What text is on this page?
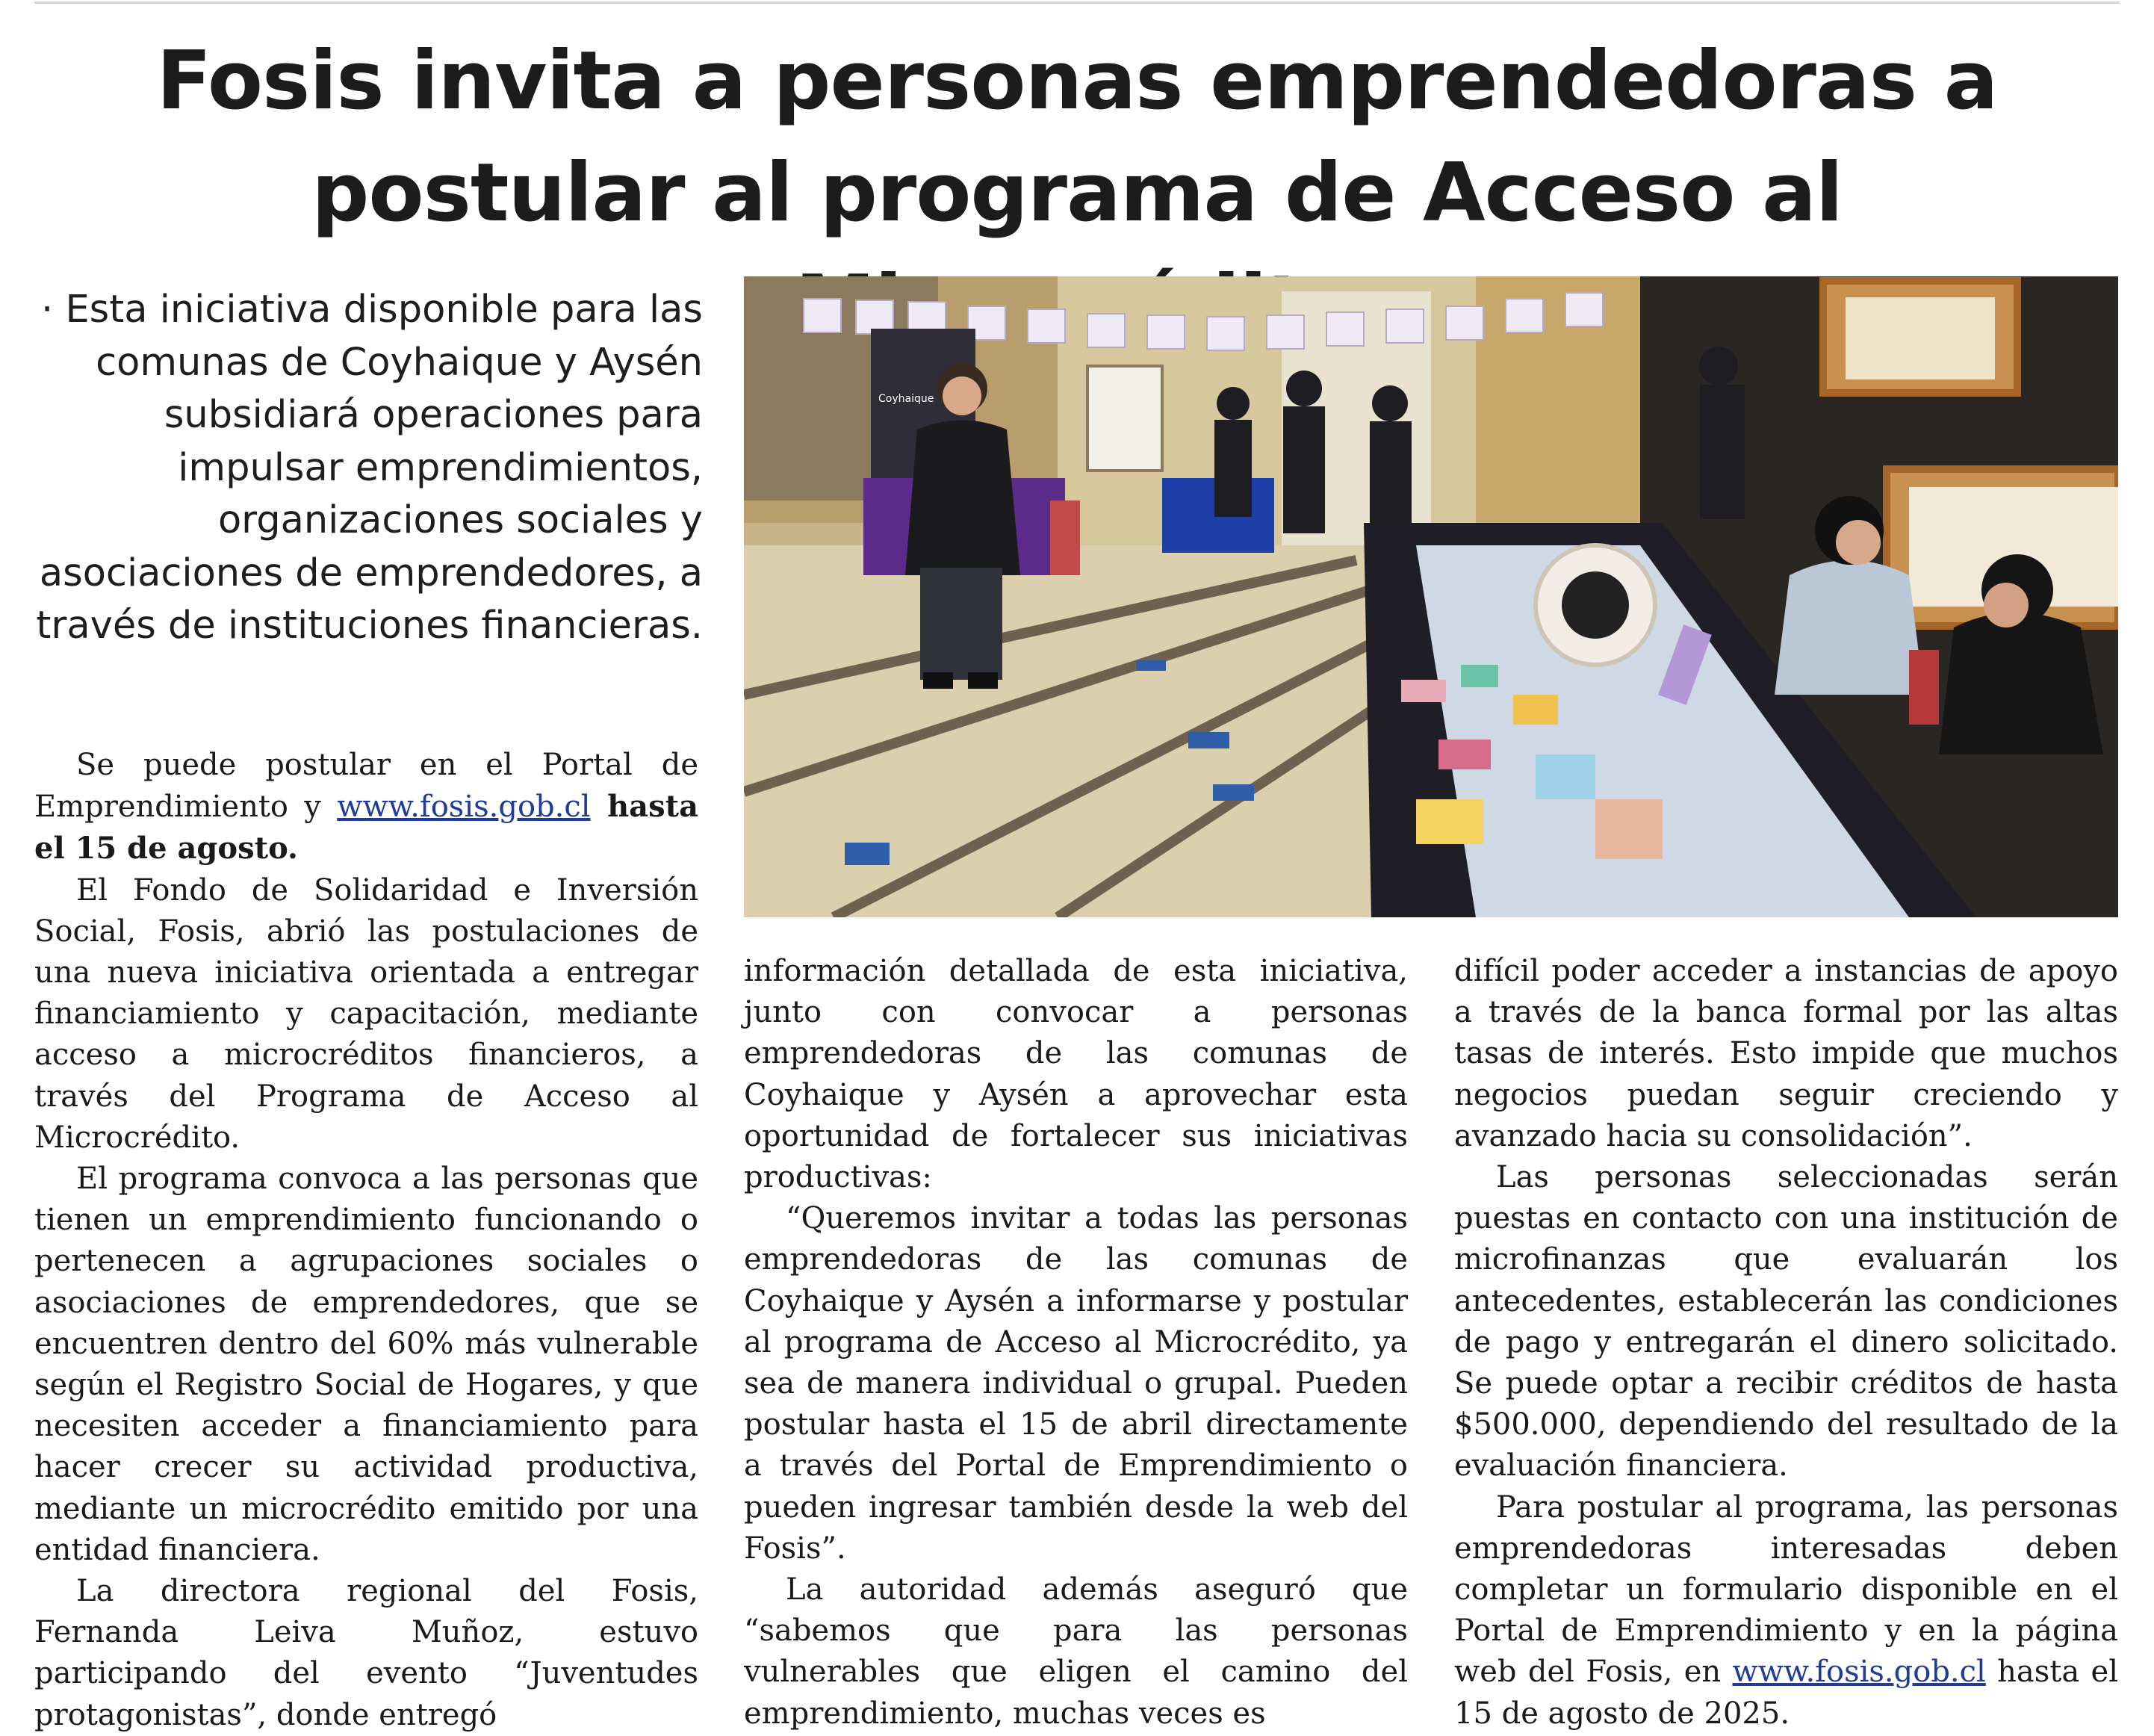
Fosis invita a personas emprendedoras a postular al programa de Acceso al

· Esta iniciativa disponible para las comunas de Coyhaique y Aysén subsidiará operaciones para impulsar emprendimientos, organizaciones sociales y asociaciones de emprendedores, a través de instituciones financieras.

Coyhaique

Se puede postular en el Portal de Emprendimiento y www.fosis.gob.cl hasta el 15 de agosto.

El Fondo de Solidaridad e Inversión Social, Fosis, abrió las postulaciones de una nueva iniciativa orientada a entregar financiamiento y capacitación, mediante acceso a microcréditos financieros, a través del Programa de Acceso al Microcrédito.

El programa convoca a las personas que tienen un emprendimiento funcionando o pertenecen a agrupaciones sociales o asociaciones de emprendedores, que se encuentren dentro del 60% más vulnerable según el Registro Social de Hogares, y que necesiten acceder a financiamiento para hacer crecer su actividad productiva, mediante un microcrédito emitido por una entidad financiera.

La directora regional del Fosis, Fernanda Leiva Muñoz, estuvo participando del evento “Juventudes protagonistas”, donde entregó

información detallada de esta iniciativa, junto con convocar a personas emprendedoras de las comunas de Coyhaique y Aysén a aprovechar esta oportunidad de fortalecer sus iniciativas productivas:

“Queremos invitar a todas las personas emprendedoras de las comunas de Coyhaique y Aysén a informarse y postular al programa de Acceso al Microcrédito, ya sea de manera individual o grupal. Pueden postular hasta el 15 de abril directamente a través del Portal de Emprendimiento o pueden ingresar también desde la web del Fosis”.

La autoridad además aseguró que “sabemos que para las personas vulnerables que eligen el camino del emprendimiento, muchas veces es

difícil poder acceder a instancias de apoyo a través de la banca formal por las altas tasas de interés. Esto impide que muchos negocios puedan seguir creciendo y avanzado hacia su consolidación”.

Las personas seleccionadas serán puestas en contacto con una institución de microfinanzas que evaluarán los antecedentes, establecerán las condiciones de pago y entregarán el dinero solicitado. Se puede optar a recibir créditos de hasta $500.000, dependiendo del resultado de la evaluación financiera.

Para postular al programa, las personas emprendedoras interesadas deben completar un formulario disponible en el Portal de Emprendimiento y en la página web del Fosis, en www.fosis.gob.cl hasta el 15 de agosto de 2025.
